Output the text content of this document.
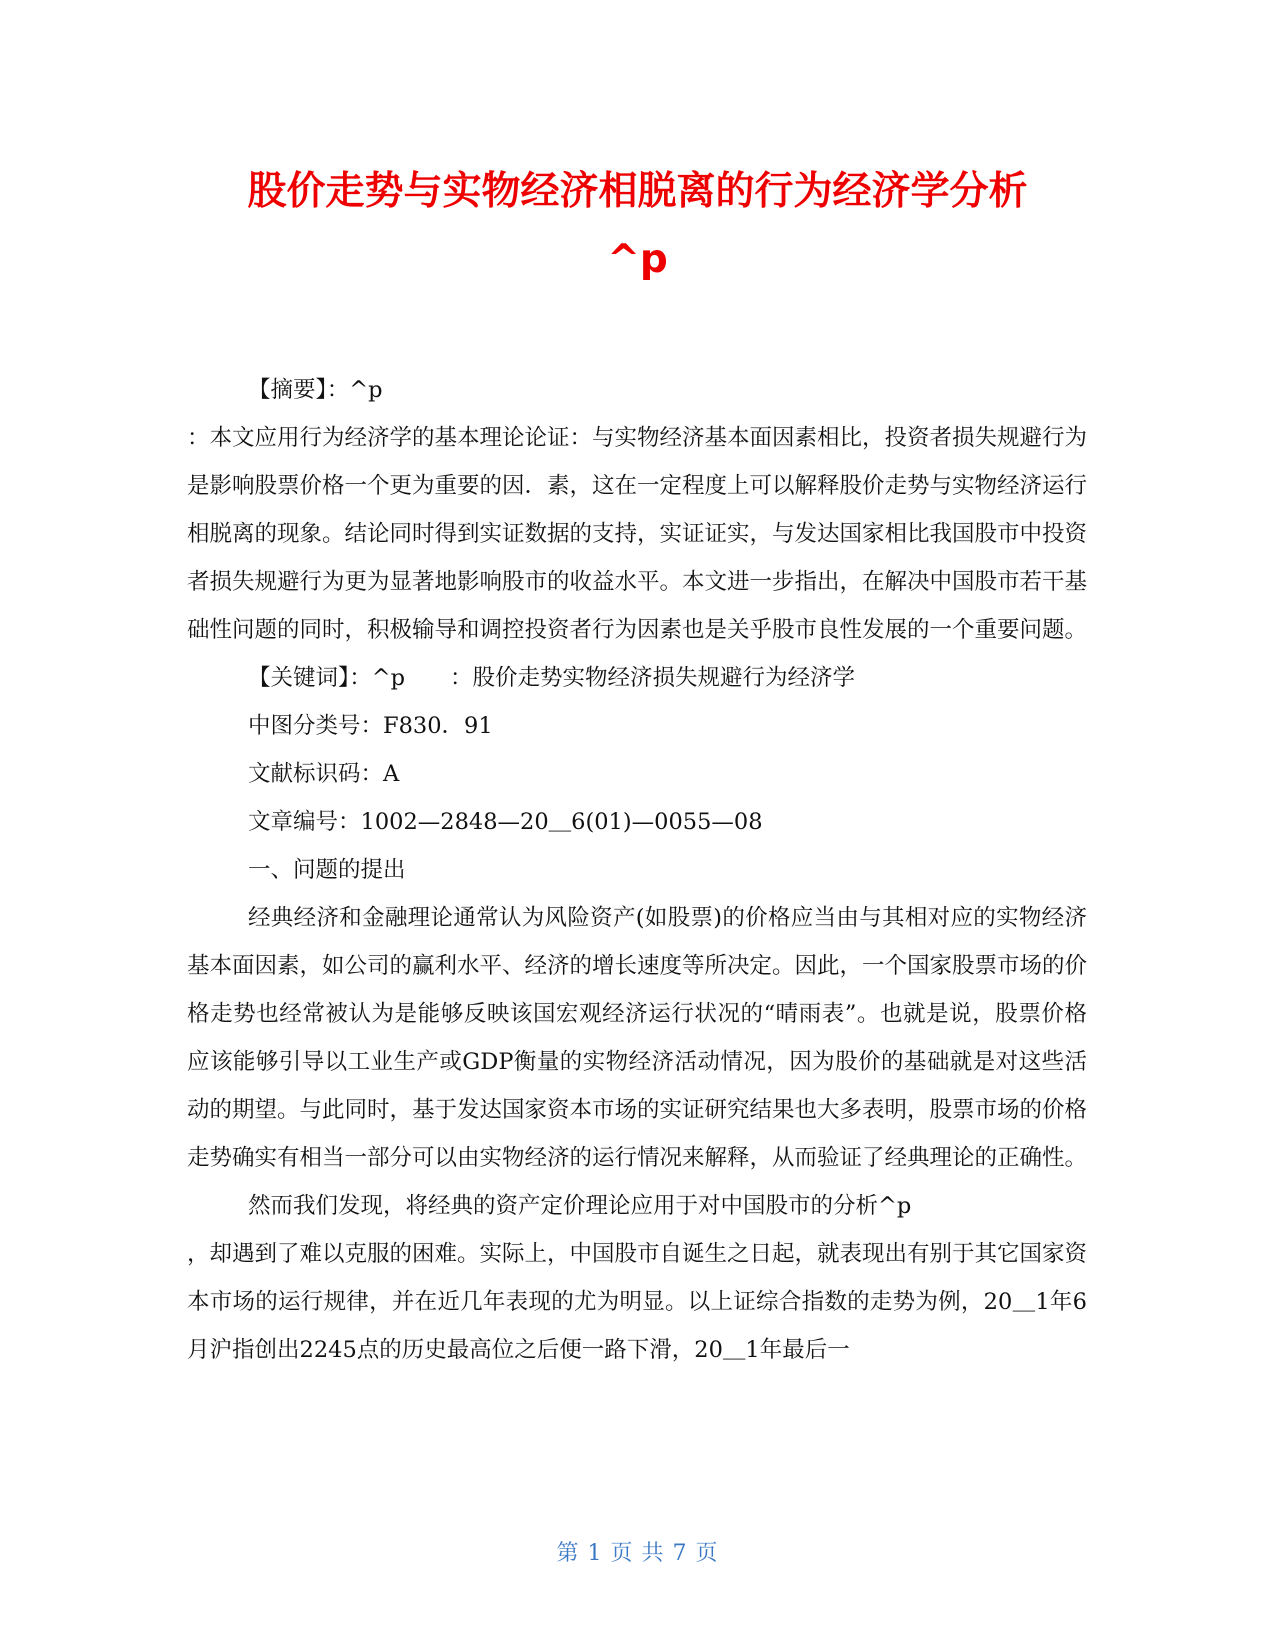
股价走势与实物经济相脱离的行为经济学分析
^p

【摘要】：^p

：本文应用行为经济学的基本理论论证：与实物经济基本面因素相比，投资者损失规避行为是影响股票价格一个更为重要的因．素，这在一定程度上可以解释股价走势与实物经济运行相脱离的现象。结论同时得到实证数据的支持，实证证实，与发达国家相比我国股市中投资者损失规避行为更为显著地影响股市的收益水平。本文进一步指出，在解决中国股市若干基础性问题的同时，积极输导和调控投资者行为因素也是关乎股市良性发展的一个重要问题。

【关键词】：^p　　：股价走势实物经济损失规避行为经济学

中图分类号：F830．91

文献标识码：A

文章编号：1002—2848—20＿6(01)—0055—08

一、问题的提出

经典经济和金融理论通常认为风险资产(如股票)的价格应当由与其相对应的实物经济基本面因素，如公司的赢利水平、经济的增长速度等所决定。因此，一个国家股票市场的价格走势也经常被认为是能够反映该国宏观经济运行状况的“晴雨表”。也就是说，股票价格应该能够引导以工业生产或GDP衡量的实物经济活动情况，因为股价的基础就是对这些活动的期望。与此同时，基于发达国家资本市场的实证研究结果也大多表明，股票市场的价格走势确实有相当一部分可以由实物经济的运行情况来解释，从而验证了经典理论的正确性。

然而我们发现，将经典的资产定价理论应用于对中国股市的分析^p

，却遇到了难以克服的困难。实际上，中国股市自诞生之日起，就表现出有别于其它国家资本市场的运行规律，并在近几年表现的尤为明显。以上证综合指数的走势为例，20＿1年6月沪指创出2245点的历史最高位之后便一路下滑，20＿1年最后一

第 1 页 共 7 页
